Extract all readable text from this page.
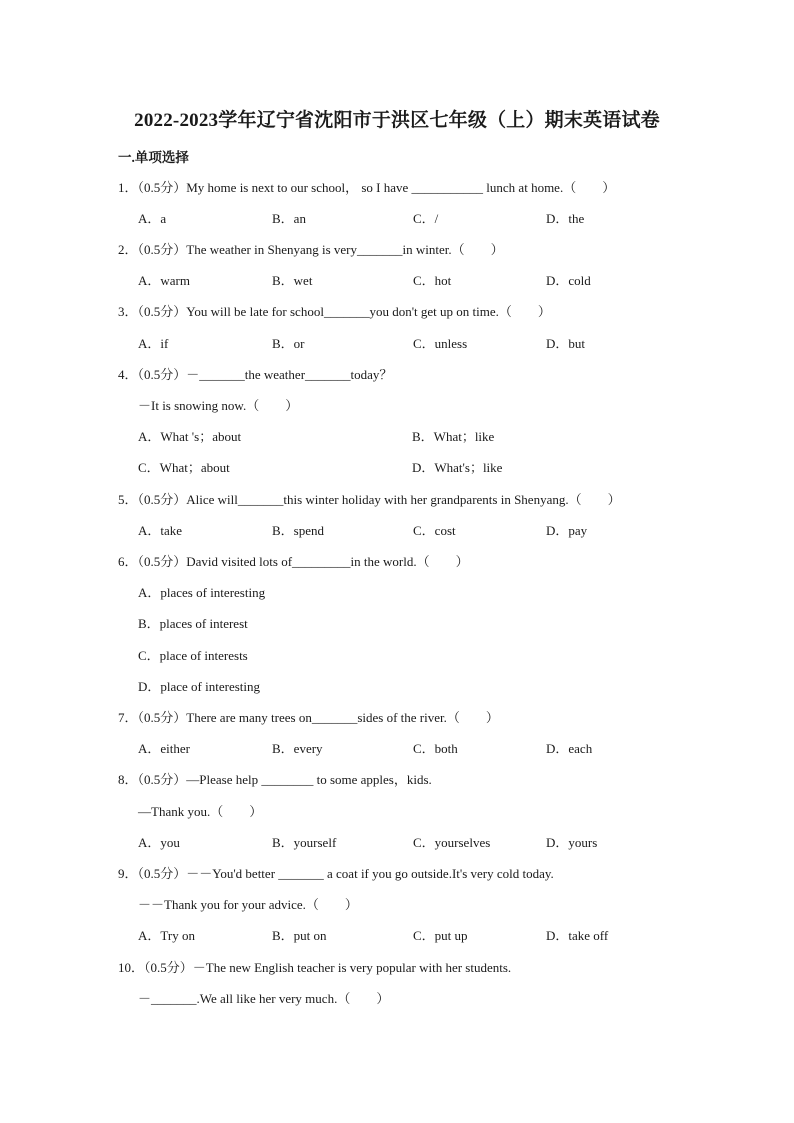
2022-2023学年辽宁省沈阳市于洪区七年级（上）期末英语试卷
一.单项选择
1．（0.5分）My home is next to our school， so I have ___________ lunch at home.（　　）
A．a	B．an	C．/	D．the
2．（0.5分）The weather in Shenyang is very_______in winter.（　　）
A．warm	B．wet	C．hot	D．cold
3．（0.5分）You will be late for school_______you don't get up on time.（　　）
A．if	B．or	C．unless	D．but
4．（0.5分）－_______the weather_______today？
－It is snowing now.（　　）
A．What 's；about	B．What；like
C．What；about	D．What's；like
5．（0.5分）Alice will_______this winter holiday with her grandparents in Shenyang.（　　）
A．take	B．spend	C．cost	D．pay
6．（0.5分）David visited lots of_________in the world.（　　）
A．places of interesting
B．places of interest
C．place of interests
D．place of interesting
7．（0.5分）There are many trees on_______sides of the river.（　　）
A．either	B．every	C．both	D．each
8．（0.5分）—Please help ________ to some apples，kids.
—Thank you.（　　）
A．you	B．yourself	C．yourselves	D．yours
9．（0.5分）－－You'd better _______ a coat if you go outside.It's very cold today.
－－Thank you for your advice.（　　）
A．Try on	B．put on	C．put up	D．take off
10．（0.5分）－The new English teacher is very popular with her students.
－_______.We all like her very much.（　　）
